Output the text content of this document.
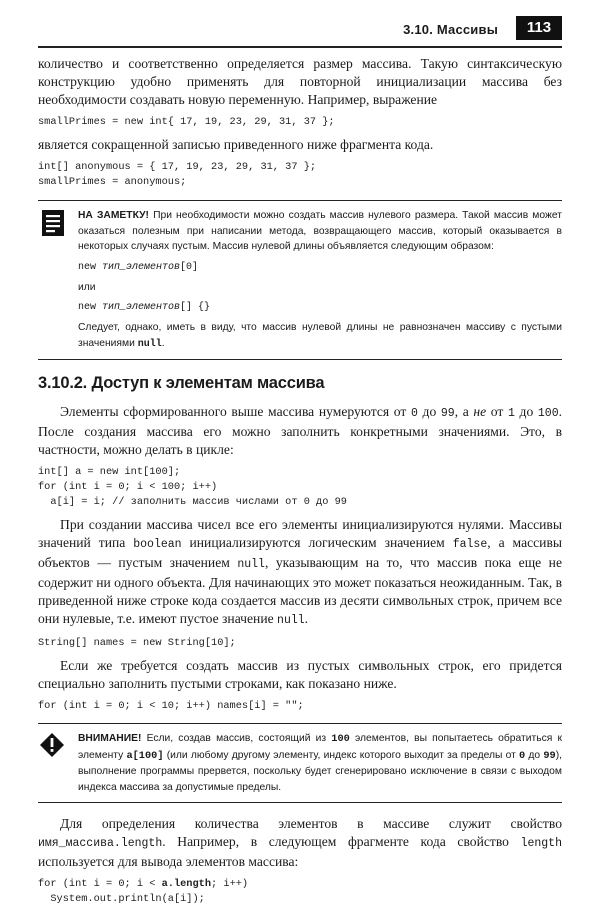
3.10. Массивы	113

количество и соответственно определяется размер массива. Такую синтаксическую конструкцию удобно применять для повторной инициализации массива без необходимости создавать новую переменную. Например, выражение

smallPrimes = new int{ 17, 19, 23, 29, 31, 37 };

является сокращенной записью приведенного ниже фрагмента кода.

int[] anonymous = { 17, 19, 23, 29, 31, 37 };
smallPrimes = anonymous;
НА ЗАМЕТКУ! При необходимости можно создать массив нулевого размера. Такой массив может оказаться полезным при написании метода, возвращающего массив, который оказывается в некоторых случаях пустым. Массив нулевой длины объявляется следующим образом:
new тип_элементов[0]
или
new тип_элементов[] {}
Следует, однако, иметь в виду, что массив нулевой длины не равнозначен массиву с пустыми значениями null.
3.10.2. Доступ к элементам массива

Элементы сформированного выше массива нумеруются от 0 до 99, а не от 1 до 100. После создания массива его можно заполнить конкретными значениями. Это, в частности, можно делать в цикле:

int[] a = new int[100];
for (int i = 0; i < 100; i++)
a[i] = i; // заполнить массив числами от 0 до 99

При создании массива чисел все его элементы инициализируются нулями. Массивы значений типа boolean инициализируются логическим значением false, а массивы объектов — пустым значением null, указывающим на то, что массив пока еще не содержит ни одного объекта. Для начинающих это может показаться неожиданным. Так, в приведенной ниже строке кода создается массив из десяти символьных строк, причем все они нулевые, т.е. имеют пустое значение null.

String[] names = new String[10];

Если же требуется создать массив из пустых символьных строк, его придется специально заполнить пустыми строками, как показано ниже.

for (int i = 0; i < 10; i++) names[i] = "";
ВНИМАНИЕ! Если, создав массив, состоящий из 100 элементов, вы попытаетесь обратиться к элементу a[100] (или любому другому элементу, индекс которого выходит за пределы от 0 до 99), выполнение программы прервется, поскольку будет сгенерировано исключение в связи с выходом индекса массива за допустимые пределы.

Для определения количества элементов в массиве служит свойство имя_массива.length. Например, в следующем фрагменте кода свойство length используется для вывода элементов массива:

for (int i = 0; i < a.length; i++)
System.out.println(a[i]);
